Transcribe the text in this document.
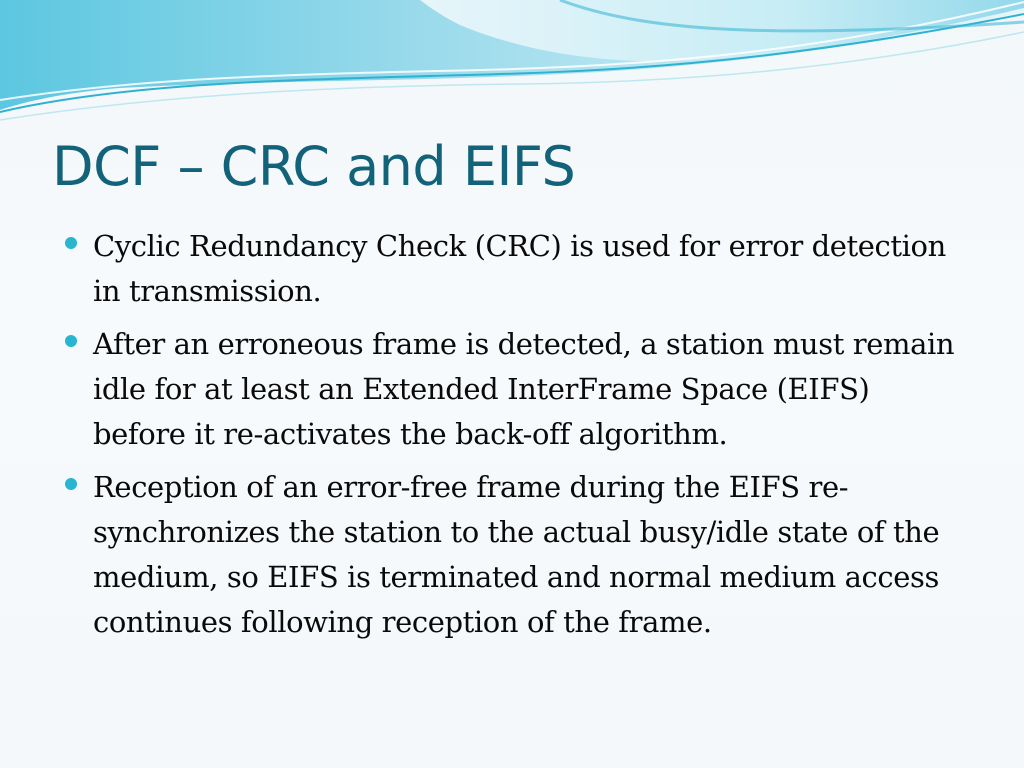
DCF – CRC and EIFS
Cyclic Redundancy Check (CRC) is used for error detection in transmission.
After an erroneous frame is detected, a station must remain idle for at least an Extended InterFrame Space (EIFS) before it re-activates the back-off algorithm.
Reception of an error-free frame during the EIFS re-synchronizes the station to the actual busy/idle state of the medium, so EIFS is terminated and normal medium access continues following reception of the frame.
